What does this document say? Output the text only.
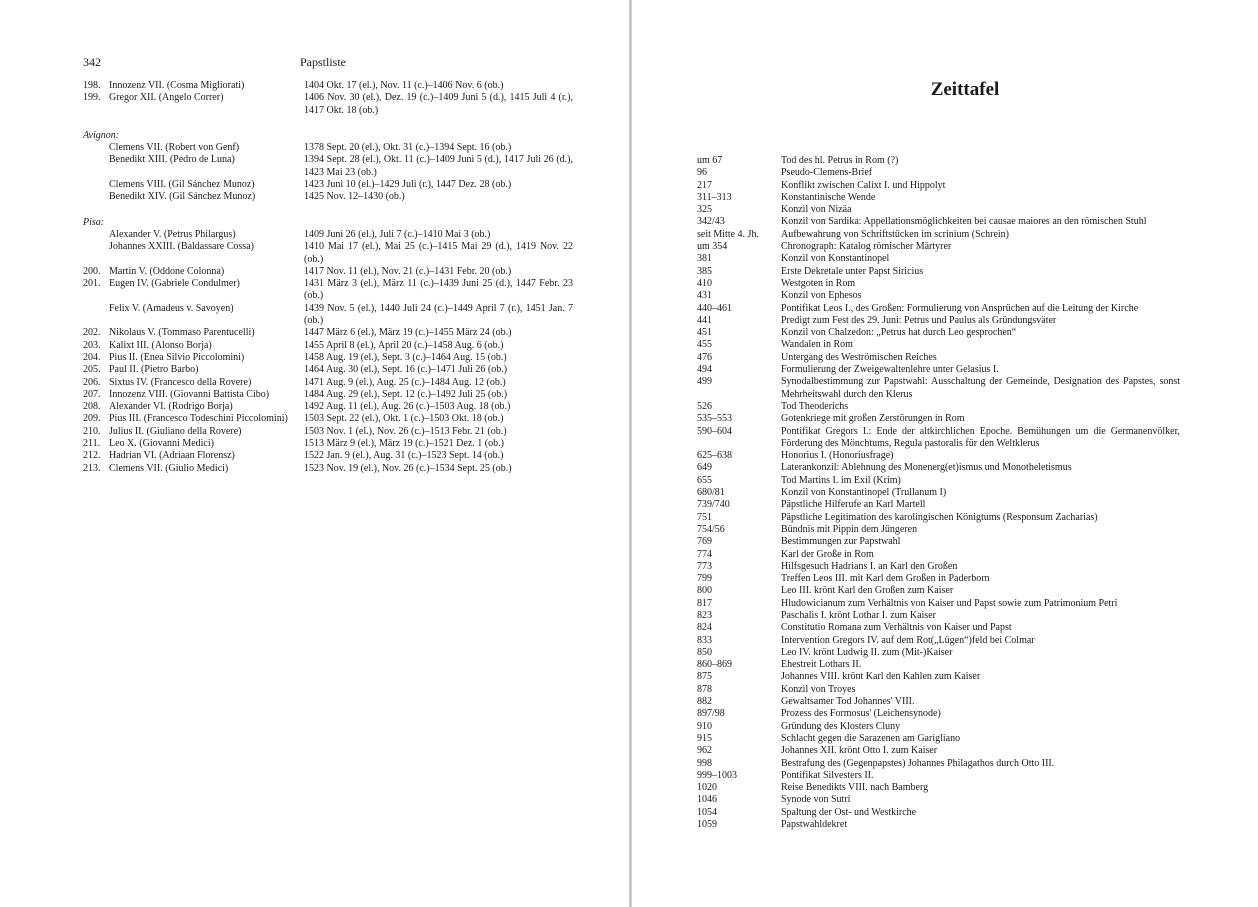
342	Papstliste
198. Innozenz VII. (Cosma Migliorati)	1404 Okt. 17 (el.), Nov. 11 (c.)–1406 Nov. 6 (ob.)
199. Gregor XII. (Angelo Correr)	1406 Nov. 30 (el.), Dez. 19 (c.)–1409 Juni 5 (d.), 1415 Juli 4 (r.), 1417 Okt. 18 (ob.)
Avignon:
Clemens VII. (Robert von Genf)	1378 Sept. 20 (el.), Okt. 31 (c.)–1394 Sept. 16 (ob.)
Benedikt XIII. (Pedro de Luna)	1394 Sept. 28 (el.), Okt. 11 (c.)–1409 Juni 5 (d.), 1417 Juli 26 (d.), 1423 Mai 23 (ob.)
Clemens VIII. (Gil Sánchez Munoz)	1423 Juni 10 (el.)–1429 Juli (r.), 1447 Dez. 28 (ob.)
Benedikt XIV. (Gil Sánchez Munoz)	1425 Nov. 12–1430 (ob.)
Pisa:
Alexander V. (Petrus Philargus)	1409 Juni 26 (el.), Juli 7 (c.)–1410 Mai 3 (ob.)
Johannes XXIII. (Baldassare Cossa)	1410 Mai 17 (el.), Mai 25 (c.)–1415 Mai 29 (d.), 1419 Nov. 22 (ob.)
200. Martin V. (Oddone Colonna)	1417 Nov. 11 (el.), Nov. 21 (c.)–1431 Febr. 20 (ob.)
201. Eugen IV. (Gabriele Condulmer)	1431 März 3 (el.), März 11 (c.)–1439 Juni 25 (d.), 1447 Febr. 23 (ob.)
Felix V. (Amadeus v. Savoyen)	1439 Nov. 5 (el.), 1440 Juli 24 (c.)–1449 April 7 (r.), 1451 Jan. 7 (ob.)
202. Nikolaus V. (Tommaso Parentucelli)	1447 März 6 (el.), März 19 (c.)–1455 März 24 (ob.)
203. Kalixt III. (Alonso Borja)	1455 April 8 (el.), April 20 (c.)–1458 Aug. 6 (ob.)
204. Pius II. (Enea Silvio Piccolomini)	1458 Aug. 19 (el.), Sept. 3 (c.)–1464 Aug. 15 (ob.)
205. Paul II. (Pietro Barbo)	1464 Aug. 30 (el.), Sept. 16 (c.)–1471 Juli 26 (ob.)
206. Sixtus IV. (Francesco della Rovere)	1471 Aug. 9 (el.), Aug. 25 (c.)–1484 Aug. 12 (ob.)
207. Innozenz VIII. (Giovanni Battista Cibo)	1484 Aug. 29 (el.), Sept. 12 (c.)–1492 Juli 25 (ob.)
208. Alexander VI. (Rodrigo Borja)	1492 Aug. 11 (el.), Aug. 26 (c.)–1503 Aug. 18 (ob.)
209. Pius III. (Francesco Todeschini Piccolomini)	1503 Sept. 22 (el.), Okt. 1 (c.)–1503 Okt. 18 (ob.)
210. Julius II. (Giuliano della Rovere)	1503 Nov. 1 (el.), Nov. 26 (c.)–1513 Febr. 21 (ob.)
211. Leo X. (Giovanni Medici)	1513 März 9 (el.), März 19 (c.)–1521 Dez. 1 (ob.)
212. Hadrian VI. (Adriaan Florensz)	1522 Jan. 9 (el.), Aug. 31 (c.)–1523 Sept. 14 (ob.)
213. Clemens VII. (Giulio Medici)	1523 Nov. 19 (el.), Nov. 26 (c.)–1534 Sept. 25 (ob.)
Zeittafel
um 67	Tod des hl. Petrus in Rom (?)
96	Pseudo-Clemens-Brief
217	Konflikt zwischen Calixt I. und Hippolyt
311–313	Konstantinische Wende
325	Konzil von Nizäa
342/43	Konzil von Sardika: Appellationsmöglichkeiten bei causae maiores an den römischen Stuhl
seit Mitte 4. Jh.	Aufbewahrung von Schriftstücken im scrinium (Schrein)
um 354	Chronograph: Katalog römischer Märtyrer
381	Konzil von Konstantinopel
385	Erste Dekretale unter Papst Siricius
410	Westgoten in Rom
431	Konzil von Ephesos
440–461	Pontifikat Leos I., des Großen: Formulierung von Ansprüchen auf die Leitung der Kirche
441	Predigt zum Fest des 29. Juni: Petrus und Paulus als Gründungsväter
451	Konzil von Chalzedon: „Petrus hat durch Leo gesprochen“
455	Wandalen in Rom
476	Untergang des Weströmischen Reiches
494	Formulierung der Zweigewaltenlehre unter Gelasius I.
499	Synodalbestimmung zur Papstwahl: Ausschaltung der Gemeinde, Designation des Papstes, sonst Mehrheitswahl durch den Klerus
526	Tod Theoderichs
535–553	Gotenkriege mit großen Zerstörungen in Rom
590–604	Pontifikat Gregors I.: Ende der altkirchlichen Epoche. Bemühungen um die Germanenvölker, Förderung des Mönchtums, Regula pastoralis für den Weltklerus
625–638	Honorius I. (Honoriusfrage)
649	Laterankonzil: Ablehnung des Monenerg(et)ismus und Monotheletismus
655	Tod Martins I. im Exil (Krim)
680/81	Konzil von Konstantinopel (Trullanum I)
739/740	Päpstliche Hilferufe an Karl Martell
751	Päpstliche Legitimation des karolingischen Königtums (Responsum Zacharias)
754/56	Bündnis mit Pippin dem Jüngeren
769	Bestimmungen zur Papstwahl
774	Karl der Große in Rom
773	Hilfsgesuch Hadrians I. an Karl den Großen
799	Treffen Leos III. mit Karl dem Großen in Paderborn
800	Leo III. krönt Karl den Großen zum Kaiser
817	Hludowicianum zum Verhältnis von Kaiser und Papst sowie zum Patrimonium Petri
823	Paschalis I. krönt Lothar I. zum Kaiser
824	Constitutio Romana zum Verhältnis von Kaiser und Papst
833	Intervention Gregors IV. auf dem Rot(„Lügen“)feld bei Colmar
850	Leo IV. krönt Ludwig II. zum (Mit-)Kaiser
860–869	Ehestreit Lothars II.
875	Johannes VIII. krönt Karl den Kahlen zum Kaiser
878	Konzil von Troyes
882	Gewaltsamer Tod Johannes' VIII.
897/98	Prozess des Formosus' (Leichensynode)
910	Gründung des Klosters Cluny
915	Schlacht gegen die Sarazenen am Garigliano
962	Johannes XII. krönt Otto I. zum Kaiser
998	Bestrafung des (Gegenpapstes) Johannes Philagathos durch Otto III.
999–1003	Pontifikat Silvesters II.
1020	Reise Benedikts VIII. nach Bamberg
1046	Synode von Sutri
1054	Spaltung der Ost- und Westkirche
1059	Papstwahldekret
